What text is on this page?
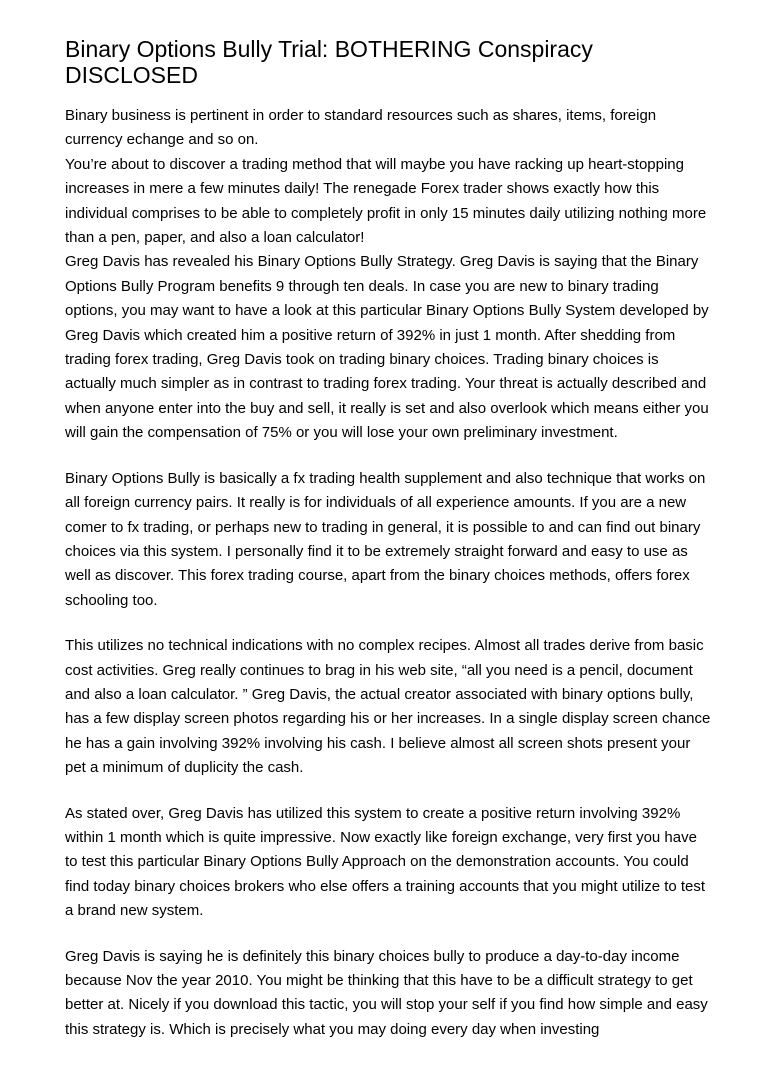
Binary Options Bully Trial: BOTHERING Conspiracy DISCLOSED

Binary business is pertinent in order to standard resources such as shares, items, foreign currency echange and so on.

You’re about to discover a trading method that will maybe you have racking up heart-stopping increases in mere a few minutes daily! The renegade Forex trader shows exactly how this individual comprises to be able to completely profit in only 15 minutes daily utilizing nothing more than a pen, paper, and also a loan calculator!

Greg Davis has revealed his Binary Options Bully Strategy. Greg Davis is saying that the Binary Options Bully Program benefits 9 through ten deals. In case you are new to binary trading options, you may want to have a look at this particular Binary Options Bully System developed by Greg Davis which created him a positive return of 392% in just 1 month. After shedding from trading forex trading, Greg Davis took on trading binary choices. Trading binary choices is actually much simpler as in contrast to trading forex trading. Your threat is actually described and when anyone enter into the buy and sell, it really is set and also overlook which means either you will gain the compensation of 75% or you will lose your own preliminary investment.

Binary Options Bully is basically a fx trading health supplement and also technique that works on all foreign currency pairs. It really is for individuals of all experience amounts. If you are a new comer to fx trading, or perhaps new to trading in general, it is possible to and can find out binary choices via this system. I personally find it to be extremely straight forward and easy to use as well as discover. This forex trading course, apart from the binary choices methods, offers forex schooling too.

This utilizes no technical indications with no complex recipes. Almost all trades derive from basic cost activities. Greg really continues to brag in his web site, “all you need is a pencil, document and also a loan calculator. ” Greg Davis, the actual creator associated with binary options bully, has a few display screen photos regarding his or her increases. In a single display screen chance he has a gain involving 392% involving his cash. I believe almost all screen shots present your pet a minimum of duplicity the cash.

As stated over, Greg Davis has utilized this system to create a positive return involving 392% within 1 month which is quite impressive. Now exactly like foreign exchange, very first you have to test this particular Binary Options Bully Approach on the demonstration accounts. You could find today binary choices brokers who else offers a training accounts that you might utilize to test a brand new system.

Greg Davis is saying he is definitely this binary choices bully to produce a day-to-day income because Nov the year 2010. You might be thinking that this have to be a difficult strategy to get better at. Nicely if you download this tactic, you will stop your self if you find how simple and easy this strategy is. Which is precisely what you may doing every day when investing
